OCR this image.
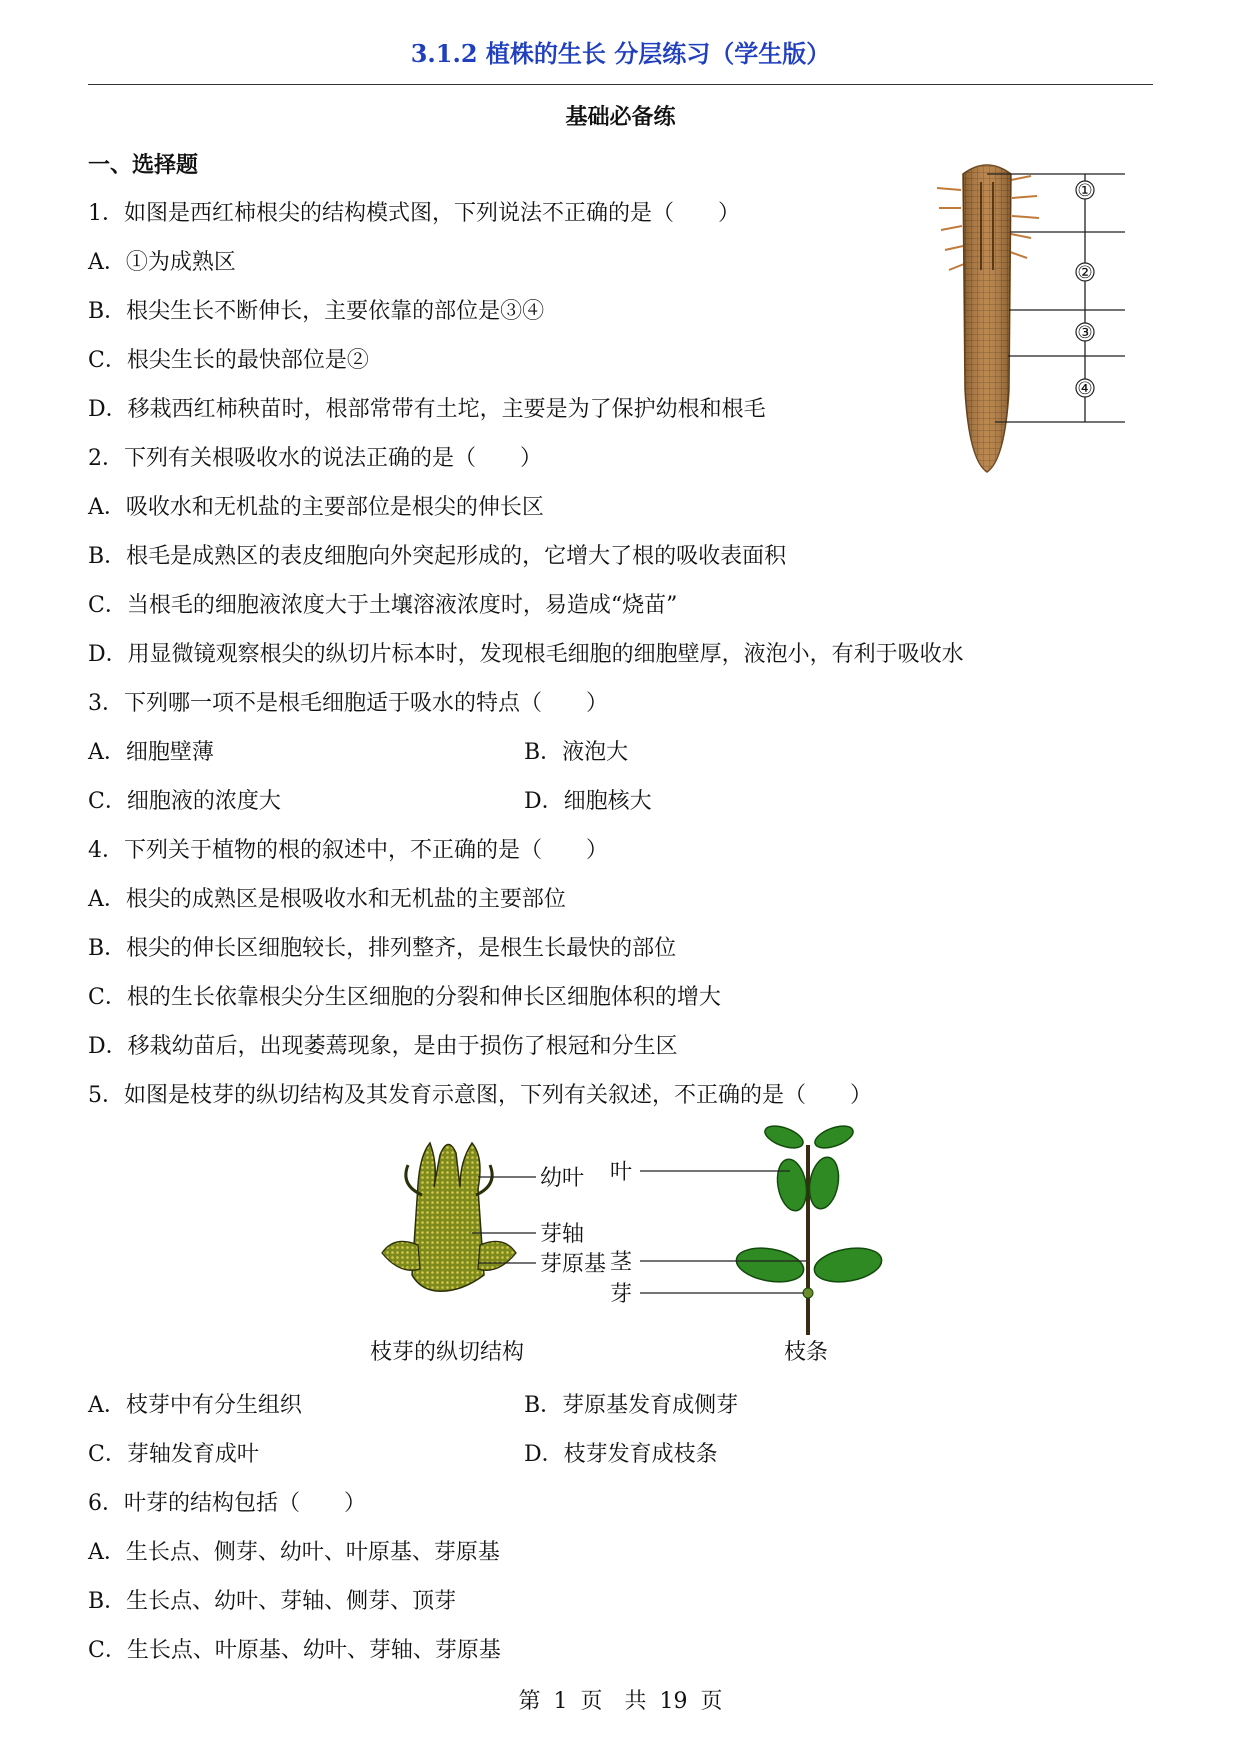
3.1.2 植株的生长 分层练习（学生版）
基础必备练
一、选择题
1．如图是西红柿根尖的结构模式图，下列说法不正确的是（　　）
A．①为成熟区
B．根尖生长不断伸长，主要依靠的部位是③④
C．根尖生长的最快部位是②
D．移栽西红柿秧苗时，根部常带有土坨，主要是为了保护幼根和根毛
①
②
③
④
2．下列有关根吸收水的说法正确的是（　　）
A．吸收水和无机盐的主要部位是根尖的伸长区
B．根毛是成熟区的表皮细胞向外突起形成的，它增大了根的吸收表面积
C．当根毛的细胞液浓度大于土壤溶液浓度时，易造成“烧苗”
D．用显微镜观察根尖的纵切片标本时，发现根毛细胞的细胞壁厚，液泡小，有利于吸收水
3．下列哪一项不是根毛细胞适于吸水的特点（　　）
A．细胞壁薄	B．液泡大
C．细胞液的浓度大	D．细胞核大
4．下列关于植物的根的叙述中，不正确的是（　　）
A．根尖的成熟区是根吸收水和无机盐的主要部位
B．根尖的伸长区细胞较长，排列整齐，是根生长最快的部位
C．根的生长依靠根尖分生区细胞的分裂和伸长区细胞体积的增大
D．移栽幼苗后，出现萎蔫现象，是由于损伤了根冠和分生区
5．如图是枝芽的纵切结构及其发育示意图，下列有关叙述，不正确的是（　　）
幼叶
芽轴
芽原基
枝芽的纵切结构
叶
茎
芽
枝条
A．枝芽中有分生组织	B．芽原基发育成侧芽
C．芽轴发育成叶	D．枝芽发育成枝条
6．叶芽的结构包括（　　）
A．生长点、侧芽、幼叶、叶原基、芽原基
B．生长点、幼叶、芽轴、侧芽、顶芽
C．生长点、叶原基、幼叶、芽轴、芽原基
第 1 页　共 19 页
